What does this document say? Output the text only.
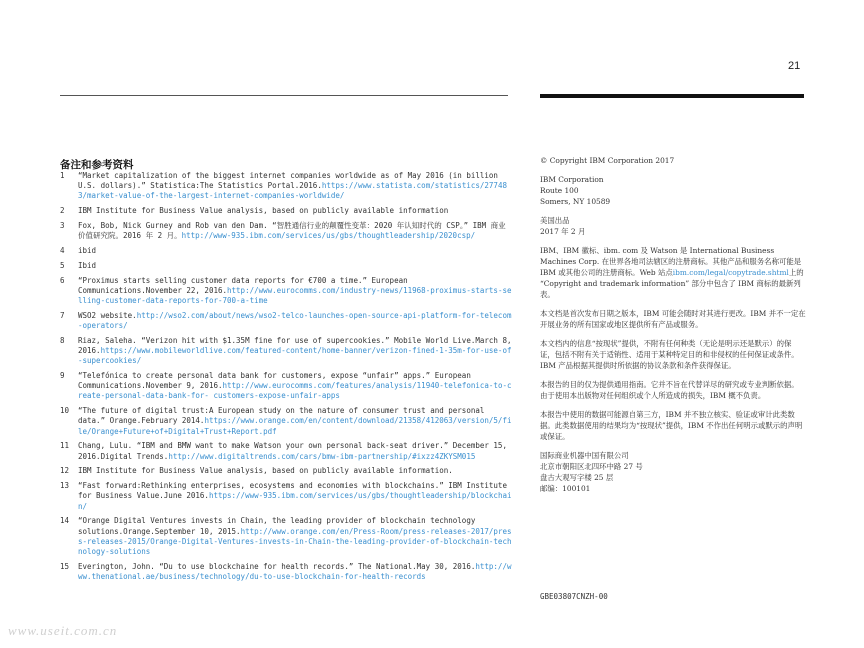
21
备注和参考资料
1 “Market capitalization of the biggest internet companies worldwide as of May 2016 (in billion U.S. dollars).” Statistica:The Statistics Portal.2016.https://www.statista.com/statistics/277483/market-value-of-the-largest-internet-companies-worldwide/
2 IBM Institute for Business Value analysis, based on publicly available information
3 Fox, Bob, Nick Gurney and Rob van den Dam. “智胜通信行业的颠覆性变革：2020 年认知时代的 CSP。” IBM 商业价值研究院。2016 年 2 月。http://www-935.ibm.com/services/us/gbs/thoughtleadership/2020csp/
4 ibid
5 Ibid
6 “Proximus starts selling customer data reports for €700 a time.” European Communications.November 22, 2016.http://www.eurocomms.com/industry-news/11968-proximus-starts-selling-customer-data-reports-for-700-a-time
7 WSO2 website.http://wso2.com/about/news/wso2-telco-launches-open-source-api-platform-for-telecom-operators/
8 Riaz, Saleha. “Verizon hit with $1.35M fine for use of supercookies.” Mobile World Live.March 8, 2016.https://www.mobileworldlive.com/featured-content/home-banner/verizon-fined-1-35m-for-use-of-supercookies/
9 “Telefónica to create personal data bank for customers, expose “unfair” apps.” European Communications.November 9, 2016.http://www.eurocomms.com/features/analysis/11940-telefonica-to-create-personal-data-bank-for- customers-expose-unfair-apps
10 “The future of digital trust:A European study on the nature of consumer trust and personal data.” Orange.February 2014.https://www.orange.com/en/content/download/21358/412063/version/5/file/Orange+Future+of+Digital+Trust+Report.pdf
11 Chang, Lulu. “IBM and BMW want to make Watson your own personal back-seat driver.” December 15, 2016.Digital Trends.http://www.digitaltrends.com/cars/bmw-ibm-partnership/#ixzz4ZKYSM015
12 IBM Institute for Business Value analysis, based on publicly available information.
13 “Fast forward:Rethinking enterprises, ecosystems and economies with blockchains.” IBM Institute for Business Value.June 2016.https://www-935.ibm.com/services/us/gbs/thoughtleadership/blockchain/
14 “Orange Digital Ventures invests in Chain, the leading provider of blockchain technology solutions.Orange.September 10, 2015.http://www.orange.com/en/Press-Room/press-releases-2017/press-releases-2015/Orange-Digital-Ventures-invests-in-Chain-the-leading-provider-of-blockchain-technology-solutions
15 Everington, John. “Du to use blockchaine for health records.” The National.May 30, 2016.http://www.thenational.ae/business/technology/du-to-use-blockchain-for-health-records
© Copyright IBM Corporation 2017
IBM Corporation
Route 100
Somers, NY 10589
美国出品
2017 年 2 月
IBM、IBM 徽标、ibm. com 及 Watson 是 International Business Machines Corp. 在世界各地司法辖区的注册商标。其他产品和服务名称可能是 IBM 或其他公司的注册商标。Web 站点ibm.com/legal/copytrade.shtml上的 “Copyright and trademark information” 部分中包含了 IBM 商标的最新列表。
本文档是首次发布日期之版本，IBM 可能会随时对其进行更改。IBM 并不一定在开展业务的所有国家或地区提供所有产品或服务。
本文档内的信息“按现状”提供，不附有任何种类（无论是明示还是默示）的保证，包括不附有关于适销性、适用于某种特定目的和非侵权的任何保证或条件。IBM 产品根据其提供时所依据的协议条款和条件获得保证。
本报告的目的仅为提供通用指南。它并不旨在代替详尽的研究或专业判断依据。由于使用本出版物对任何组织或个人所造成的损失，IBM 概不负责。
本报告中使用的数据可能源自第三方，IBM 并不独立核实、验证或审计此类数据。此类数据使用的结果均为“按现状”提供，IBM 不作出任何明示或默示的声明或保证。
国际商业机器中国有限公司
北京市朝阳区北四环中路 27 号
盘古大观写字楼 25 层
邮编：100101
GBE03807CNZH-00
www.useit.com.cn
